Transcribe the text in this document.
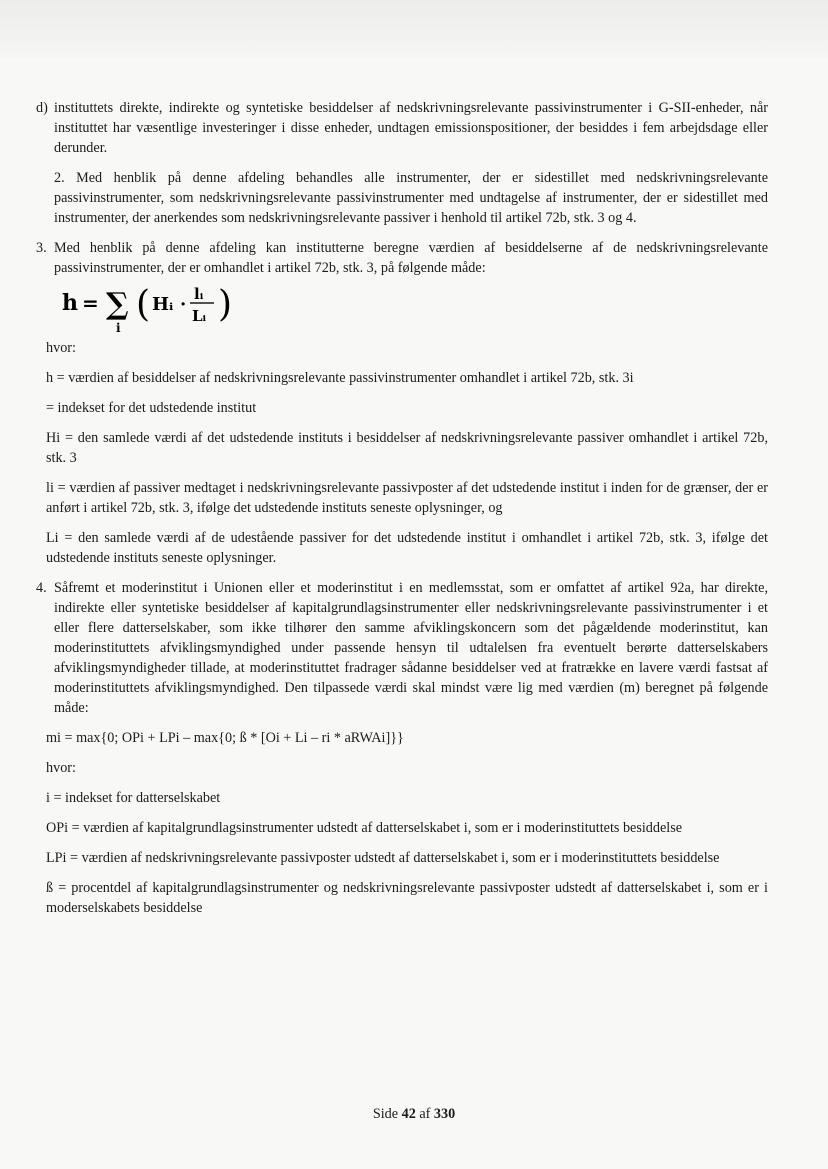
d) instituttets direkte, indirekte og syntetiske besiddelser af nedskrivningsrelevante passivinstrumenter i G-SII-enheder, når instituttet har væsentlige investeringer i disse enheder, undtagen emissionspositioner, der besiddes i fem arbejdsdage eller derunder.

2. Med henblik på denne afdeling behandles alle instrumenter, der er sidestillet med nedskrivningsrelevante passivinstrumenter, som nedskrivningsrelevante passivinstrumenter med undtagelse af instrumenter, der er sidestillet med instrumenter, der anerkendes som nedskrivningsrelevante passiver i henhold til artikel 72b, stk. 3 og 4.

3. Med henblik på denne afdeling kan institutterne beregne værdien af besiddelserne af de nedskrivningsrelevante passivinstrumenter, der er omhandlet i artikel 72b, stk. 3, på følgende måde:

h = ∑
i
( Hᵢ · lᵢ
Lᵢ )

hvor:

h = værdien af besiddelser af nedskrivningsrelevante passivinstrumenter omhandlet i artikel 72b, stk. 3i

= indekset for det udstedende institut

Hi = den samlede værdi af det udstedende instituts i besiddelser af nedskrivningsrelevante passiver omhandlet i artikel 72b, stk. 3

li = værdien af passiver medtaget i nedskrivningsrelevante passivposter af det udstedende institut i inden for de grænser, der er anført i artikel 72b, stk. 3, ifølge det udstedende instituts seneste oplysninger, og

Li = den samlede værdi af de udestående passiver for det udstedende institut i omhandlet i artikel 72b, stk. 3, ifølge det udstedende instituts seneste oplysninger.

4. Såfremt et moderinstitut i Unionen eller et moderinstitut i en medlemsstat, som er omfattet af artikel 92a, har direkte, indirekte eller syntetiske besiddelser af kapitalgrundlagsinstrumenter eller nedskrivningsrelevante passivinstrumenter i et eller flere datterselskaber, som ikke tilhører den samme afviklingskoncern som det pågældende moderinstitut, kan moderinstituttets afviklingsmyndighed under passende hensyn til udtalelsen fra eventuelt berørte datterselskabers afviklingsmyndigheder tillade, at moderinstituttet fradrager sådanne besiddelser ved at fratrække en lavere værdi fastsat af moderinstituttets afviklingsmyndighed. Den tilpassede værdi skal mindst være lig med værdien (m) beregnet på følgende måde:

mi = max{0; OPi + LPi – max{0; ß * [Oi + Li – ri * aRWAi]}}

hvor:

i = indekset for datterselskabet

OPi = værdien af kapitalgrundlagsinstrumenter udstedt af datterselskabet i, som er i moderinstituttets besiddelse

LPi = værdien af nedskrivningsrelevante passivposter udstedt af datterselskabet i, som er i moderinstituttets besiddelse

ß = procentdel af kapitalgrundlagsinstrumenter og nedskrivningsrelevante passivposter udstedt af datterselskabet i, som er i moderselskabets besiddelse

Side 42 af 330
